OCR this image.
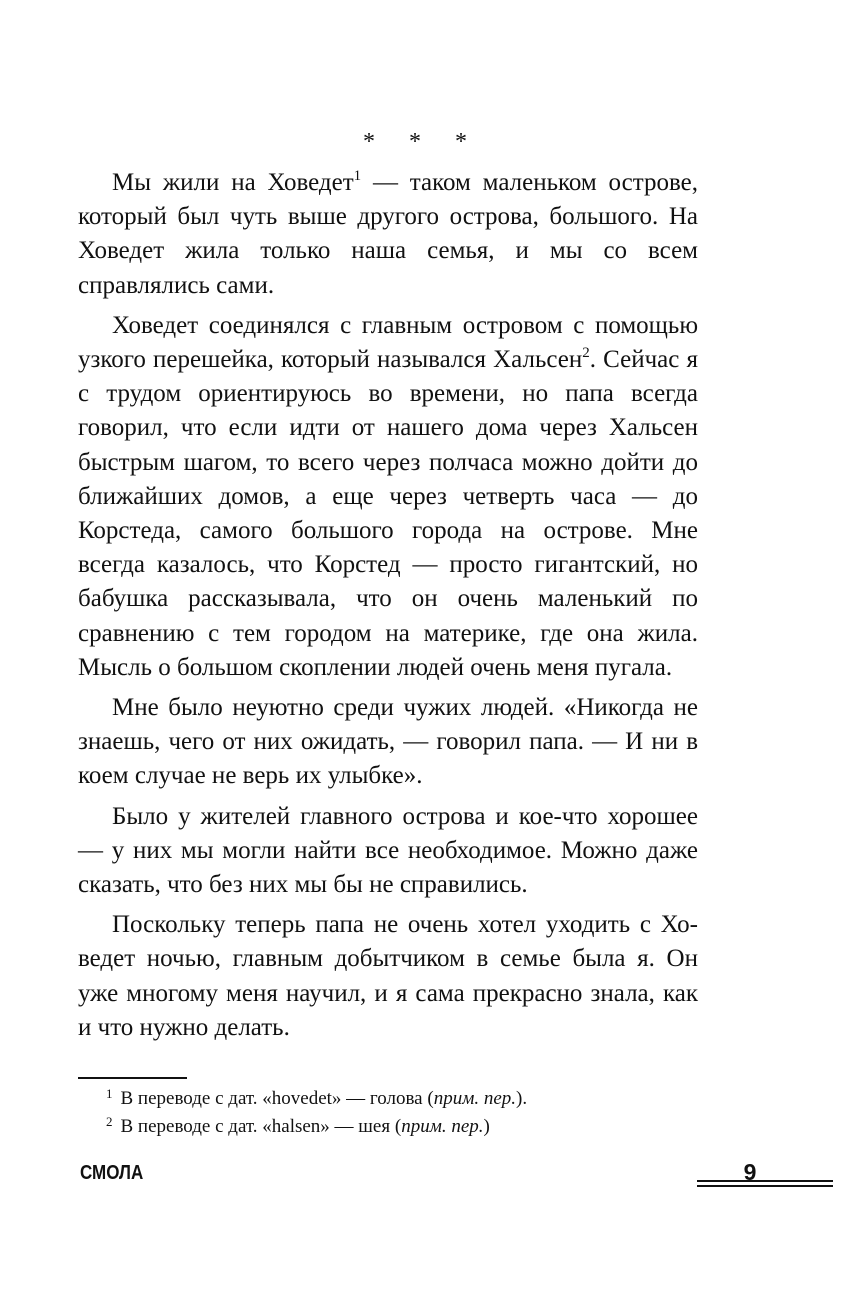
* * *

Мы жили на Ховедет$^1$ — таком маленьком острове, который был чуть выше другого острова, большого. На Ховедет жила только наша семья, и мы со всем справлялись сами.

Ховедет соединялся с главным островом с помощью узкого перешейка, который назывался Хальсен$^2$. Сейчас я с трудом ориентируюсь во времени, но папа всегда говорил, что если идти от нашего дома через Хальсен быстрым шагом, то всего через полчаса можно дойти до ближайших домов, а еще через четверть часа — до Корстеда, самого большого города на острове. Мне всегда казалось, что Корстед — просто гигантский, но бабушка рассказывала, что он очень маленький по сравнению с тем городом на материке, где она жила. Мысль о большом скоплении людей очень меня пугала.

Мне было неуютно среди чужих людей. «Никогда не знаешь, чего от них ожидать, — говорил папа. — И ни в коем случае не верь их улыбке».

Было у жителей главного острова и кое-что хорошее — у них мы могли найти все необходимое. Можно даже сказать, что без них мы бы не справились.

Поскольку теперь папа не очень хотел уходить с Ховедет ночью, главным добытчиком в семье была я. Он уже многому меня научил, и я сама прекрасно знала, как и что нужно делать.

$^1$ В переводе с дат. «hovedet» — голова (прим. пер.).
$^2$ В переводе с дат. «halsen» — шея (прим. пер.)
СМОЛА	9
